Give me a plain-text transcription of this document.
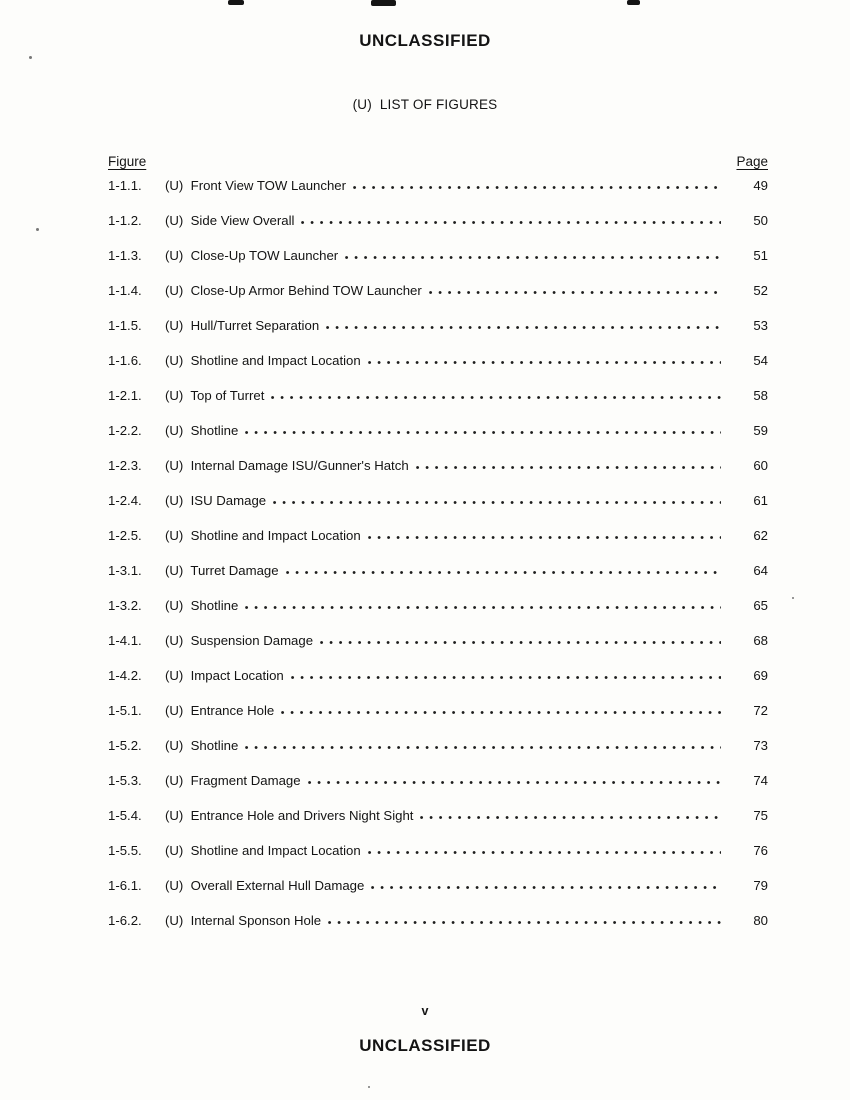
UNCLASSIFIED
(U)  LIST OF FIGURES
Figure	Page
1-1.1.	(U)  Front View TOW Launcher	49
1-1.2.	(U)  Side View Overall	50
1-1.3.	(U)  Close-Up TOW Launcher	51
1-1.4.	(U)  Close-Up Armor Behind TOW Launcher	52
1-1.5.	(U)  Hull/Turret Separation	53
1-1.6.	(U)  Shotline and Impact Location	54
1-2.1.	(U)  Top of Turret	58
1-2.2.	(U)  Shotline	59
1-2.3.	(U)  Internal Damage ISU/Gunner's Hatch	60
1-2.4.	(U)  ISU Damage	61
1-2.5.	(U)  Shotline and Impact Location	62
1-3.1.	(U)  Turret Damage	64
1-3.2.	(U)  Shotline	65
1-4.1.	(U)  Suspension Damage	68
1-4.2.	(U)  Impact Location	69
1-5.1.	(U)  Entrance Hole	72
1-5.2.	(U)  Shotline	73
1-5.3.	(U)  Fragment Damage	74
1-5.4.	(U)  Entrance Hole and Drivers Night Sight	75
1-5.5.	(U)  Shotline and Impact Location	76
1-6.1.	(U)  Overall External Hull Damage	79
1-6.2.	(U)  Internal Sponson Hole	80
v
UNCLASSIFIED
